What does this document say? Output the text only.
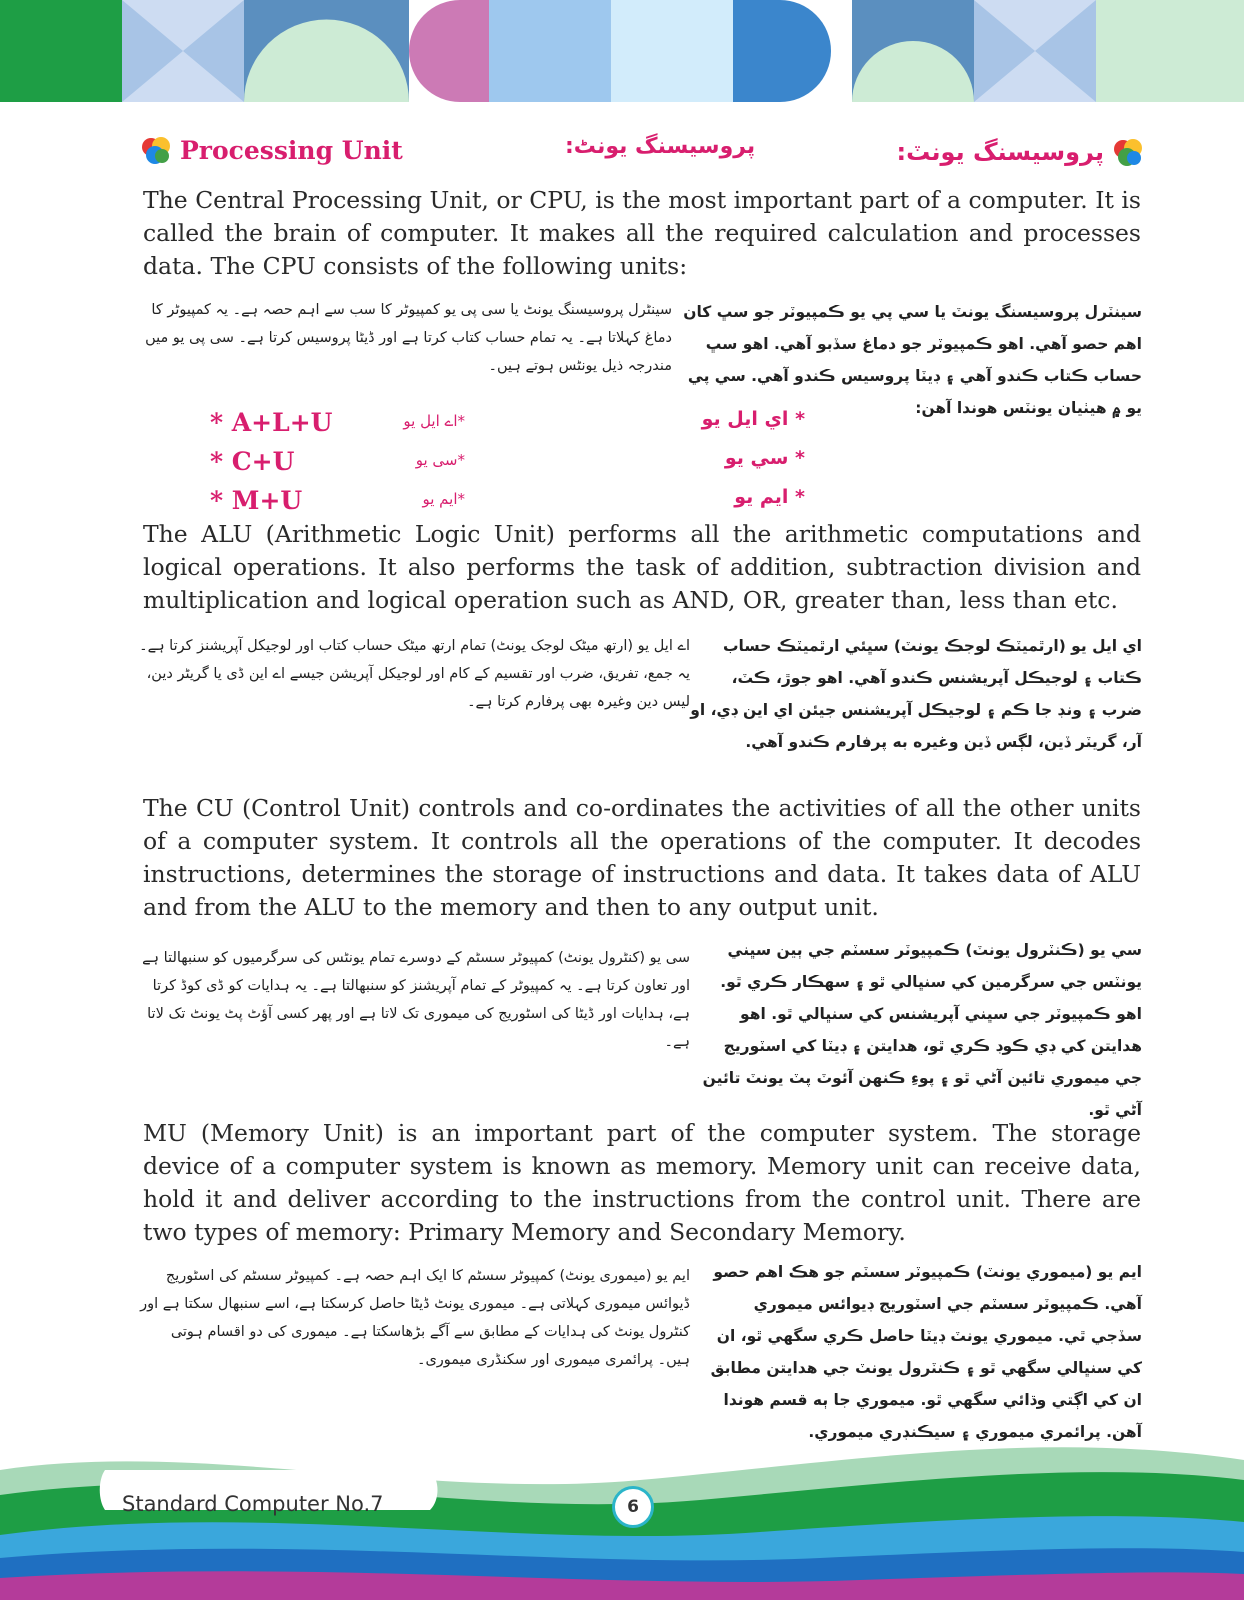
Processing Unit	پروسیسنگ یونٹ:	پروسيسنگ يونٽ:

The Central Processing Unit, or CPU, is the most important part of a computer. It is called the brain of computer. It makes all the required calculation and processes data. The CPU consists of the following units:

سينٽرل پروسيسنگ يونٽ يا سي پي يو ڪمپيوٽر جو سڀ کان اهم حصو آهي. اهو ڪمپيوٽر جو دماغ سڏبو آهي. اهو سڀ حساب ڪتاب ڪندو آهي ۽ ڊيٽا پروسيس ڪندو آهي. سي پي يو ۾ هيٺيان يونٽس هوندا آهن:
سینٹرل پروسیسنگ یونٹ یا سی پی یو کمپیوٹر کا سب سے اہم حصہ ہے۔ یہ کمپیوٹر کا دماغ کہلاتا ہے۔ یہ تمام حساب کتاب کرتا ہے اور ڈیٹا پروسیس کرتا ہے۔ سی پی یو میں مندرجہ ذیل یونٹس ہوتے ہیں۔
* A+L+U	*اے ایل یو	* اي ايل يو
* C+U	*سی یو	* سي يو
* M+U	*ایم یو	* ايم يو

The ALU (Arithmetic Logic Unit) performs all the arithmetic computations and logical operations. It also performs the task of addition, subtraction division and multiplication and logical operation such as AND, OR, greater than, less than etc.

اي ايل يو (ارٿميٽڪ لوجڪ يونٽ) سڀئي ارٿميٽڪ حساب ڪتاب ۽ لوجيڪل آپريشنس ڪندو آهي. اهو جوڙ، ڪٽ، ضرب ۽ ونڊ جا ڪم ۽ لوجيڪل آپريشنس جيئن اي اين ڊي، او آر، گريٽر ڏين، لڳس ڏين وغيره به پرفارم ڪندو آهي.
اے ایل یو (ارتھ میٹک لوجک یونٹ) تمام ارتھ میٹک حساب کتاب اور لوجیکل آپریشنز کرتا ہے۔ یہ جمع، تفریق، ضرب اور تقسیم کے کام اور لوجیکل آپریشن جیسے اے این ڈی یا گریٹر دین، لیس دین وغیرہ بھی پرفارم کرتا ہے۔

The CU (Control Unit) controls and co-ordinates the activities of all the other units of a computer system. It controls all the operations of the computer. It decodes instructions, determines the storage of instructions and data. It takes data of ALU and from the ALU to the memory and then to any output unit.

سي يو (ڪنٽرول يونٽ) ڪمپيوٽر سسٽم جي ٻين سڀني يونٽس جي سرگرمين کي سنڀالي ٿو ۽ سهڪار ڪري ٿو. اهو ڪمپيوٽر جي سڀني آپريشنس کي سنڀالي ٿو. اهو هدايتن کي ڊي ڪوڊ ڪري ٿو، هدايتن ۽ ڊيٽا کي اسٽوريج جي ميموري تائين آڻي ٿو ۽ پوءِ ڪنهن آئوٽ پٽ يونٽ تائين آڻي ٿو.
سی یو (کنٹرول یونٹ) کمپیوٹر سسٹم کے دوسرے تمام یونٹس کی سرگرمیوں کو سنبھالتا ہے اور تعاون کرتا ہے۔ یہ کمپیوٹر کے تمام آپریشنز کو سنبھالتا ہے۔ یہ ہدایات کو ڈی کوڈ کرتا ہے، ہدایات اور ڈیٹا کی اسٹوریج کی میموری تک لاتا ہے اور پھر کسی آؤٹ پٹ یونٹ تک لاتا ہے۔

MU (Memory Unit) is an important part of the computer system. The storage device of a computer system is known as memory. Memory unit can receive data, hold it and deliver according to the instructions from the control unit. There are two types of memory: Primary Memory and Secondary Memory.

ايم يو (ميموري يونٽ) ڪمپيوٽر سسٽم جو هڪ اهم حصو آهي. ڪمپيوٽر سسٽم جي اسٽوريج ڊيوائس ميموري سڏجي ٿي. ميموري يونٽ ڊيٽا حاصل ڪري سگهي ٿو، ان کي سنڀالي سگهي ٿو ۽ ڪنٽرول يونٽ جي هدايتن مطابق ان کي اڳتي وڌائي سگهي ٿو. ميموري جا ٻه قسم هوندا آهن. پرائمري ميموري ۽ سيڪنڊري ميموري.
ایم یو (میموری یونٹ) کمپیوٹر سسٹم کا ایک اہم حصہ ہے۔ کمپیوٹر سسٹم کی اسٹوریج ڈیوائس میموری کہلاتی ہے۔ میموری یونٹ ڈیٹا حاصل کرسکتا ہے، اسے سنبھال سکتا ہے اور کنٹرول یونٹ کی ہدایات کے مطابق سے آگے بڑھاسکتا ہے۔ میموری کی دو اقسام ہوتی ہیں۔ پرائمری میموری اور سکنڈری میموری۔
Standard Computer No.7	6
